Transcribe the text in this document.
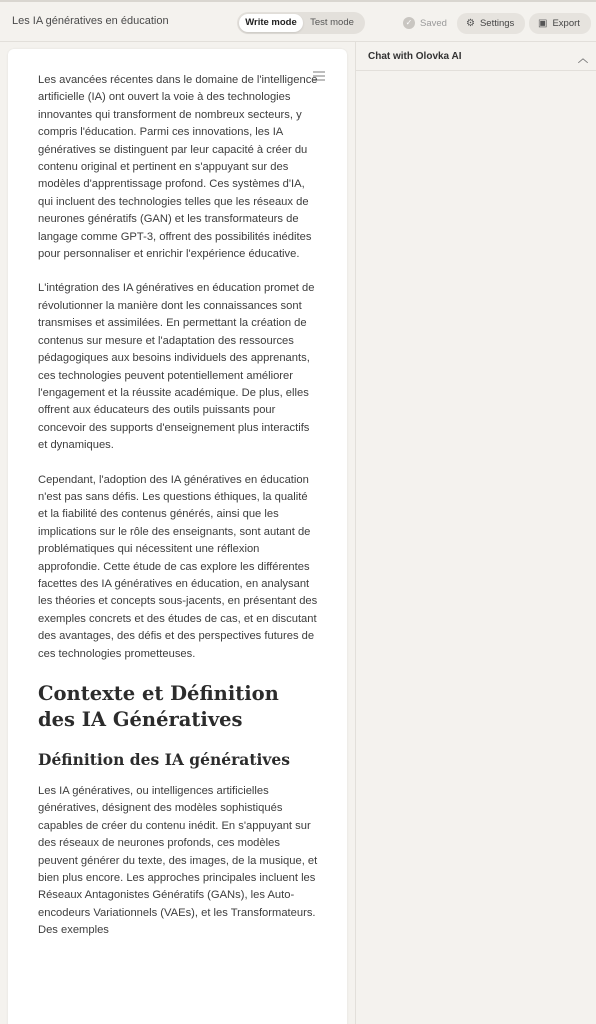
Les IA génératives en éducation	Write mode	Test mode	✓ Saved ⚙ Settings ▣ Export

Les avancées récentes dans le domaine de l'intelligence artificielle (IA) ont ouvert la voie à des technologies innovantes qui transforment de nombreux secteurs, y compris l'éducation. Parmi ces innovations, les IA génératives se distinguent par leur capacité à créer du contenu original et pertinent en s'appuyant sur des modèles d'apprentissage profond. Ces systèmes d'IA, qui incluent des technologies telles que les réseaux de neurones génératifs (GAN) et les transformateurs de langage comme GPT-3, offrent des possibilités inédites pour personnaliser et enrichir l'expérience éducative.

L'intégration des IA génératives en éducation promet de révolutionner la manière dont les connaissances sont transmises et assimilées. En permettant la création de contenus sur mesure et l'adaptation des ressources pédagogiques aux besoins individuels des apprenants, ces technologies peuvent potentiellement améliorer l'engagement et la réussite académique. De plus, elles offrent aux éducateurs des outils puissants pour concevoir des supports d'enseignement plus interactifs et dynamiques.

Cependant, l'adoption des IA génératives en éducation n'est pas sans défis. Les questions éthiques, la qualité et la fiabilité des contenus générés, ainsi que les implications sur le rôle des enseignants, sont autant de problématiques qui nécessitent une réflexion approfondie. Cette étude de cas explore les différentes facettes des IA génératives en éducation, en analysant les théories et concepts sous-jacents, en présentant des exemples concrets et des études de cas, et en discutant des avantages, des défis et des perspectives futures de ces technologies prometteuses.

Contexte et Définition des IA Génératives
Définition des IA génératives

Les IA génératives, ou intelligences artificielles génératives, désignent des modèles sophistiqués capables de créer du contenu inédit. En s'appuyant sur des réseaux de neurones profonds, ces modèles peuvent générer du texte, des images, de la musique, et bien plus encore. Les approches principales incluent les Réseaux Antagonistes Génératifs (GANs), les Auto-encodeurs Variationnels (VAEs), et les Transformateurs. Des exemples

Chat with Olovka AI	︿
